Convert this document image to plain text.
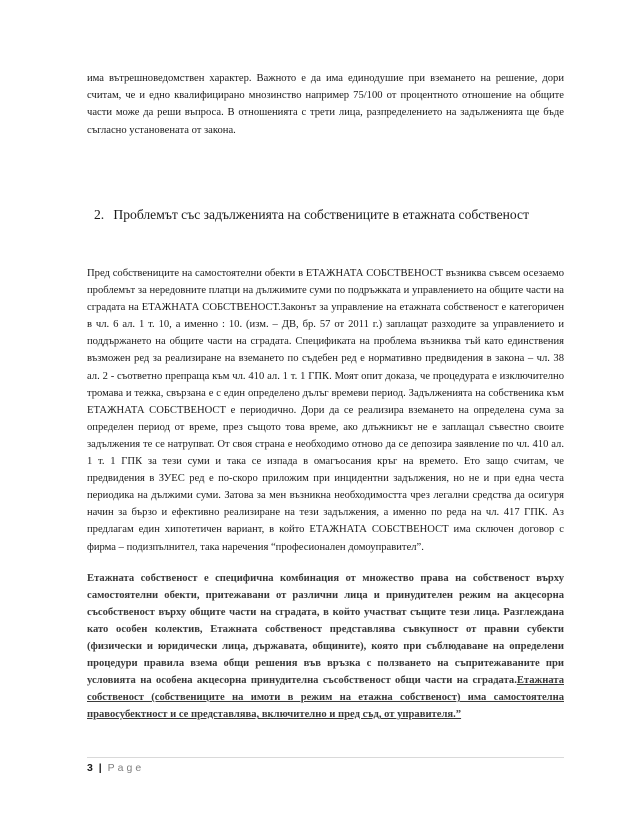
има вътрешноведомствен характер. Важното е да има единодушие при вземането на решение, дори считам, че и едно квалифицирано мнозинство например 75/100 от процентното отношение на общите части може да реши въпроса. В отношенията с трети лица, разпределението на задълженията ще бъде съгласно установената от закона.

2. Проблемът със задълженията на собствениците в етажната собственост

Пред собствениците на самостоятелни обекти в ЕТАЖНАТА СОБСТВЕНОСТ възниква съвсем осезаемо проблемът за нередовните платци на дължимите суми по подръжката и управлението на общите части на сградата на ЕТАЖНАТА СОБСТВЕНОСТ.Законът за управление на етажната собственост е категоричен в чл. 6 ал. 1 т. 10, а именно : 10. (изм. – ДВ, бр. 57 от 2011 г.) заплащат разходите за управлението и поддържането на общите части на сградата. Спецификата на проблема възниква тъй като единствения възможен ред за реализиране на вземането по съдебен ред е нормативно предвидения в закона – чл. 38 ал. 2 - съответно препраща към чл. 410 ал. 1 т. 1 ГПК. Моят опит доказа, че процедурата е изключително тромава и тежка, свързана е с един определено дълъг времеви период. Задълженията на собственика към ЕТАЖНАТА СОБСТВЕНОСТ е периодично. Дори да се реализира вземането на определена сума за определен период от време, през същото това време, ако длъжникът не е заплащал съвестно своите задължения те се натрупват. От своя страна е необходимо отново да се депозира заявление по чл. 410 ал. 1 т. 1 ГПК за тези суми и така се изпада в омагъосания кръг на времето. Ето защо считам, че предвидения в ЗУЕС ред е по-скоро приложим при инцидентни задължения, но не и при една честа периодика на дължими суми. Затова за мен възникна необходимостта чрез легални средства да осигуря начин за бързо и ефективно реализиране на тези задължения, а именно по реда на чл. 417 ГПК. Аз предлагам един хипотетичен вариант, в който ЕТАЖНАТА СОБСТВЕНОСТ има сключен договор с фирма – подизпълнител, така наречения “професионален домоуправител”.

Етажната собственост е специфична комбинация от множество права на собственост върху самостоятелни обекти, притежавани от различни лица и принудителен режим на акцесорна съсобственост върху общите части на сградата, в който участват същите тези лица. Разглеждана като особен колектив, Етажната собственост представлява съвкупност от правни субекти (физически и юридически лица, държавата, общините), която при съблюдаване на определени процедури правила взема общи решения във връзка с ползването на съпритежаваните при условията на особена акцесорна принудителна съсобственост общи части на сградата.Етажната собственост (собствениците на имоти в режим на етажна собственост) има самостоятелна правосубектност и се представлява, включително и пред съд, от управителя.”

3 | Page
